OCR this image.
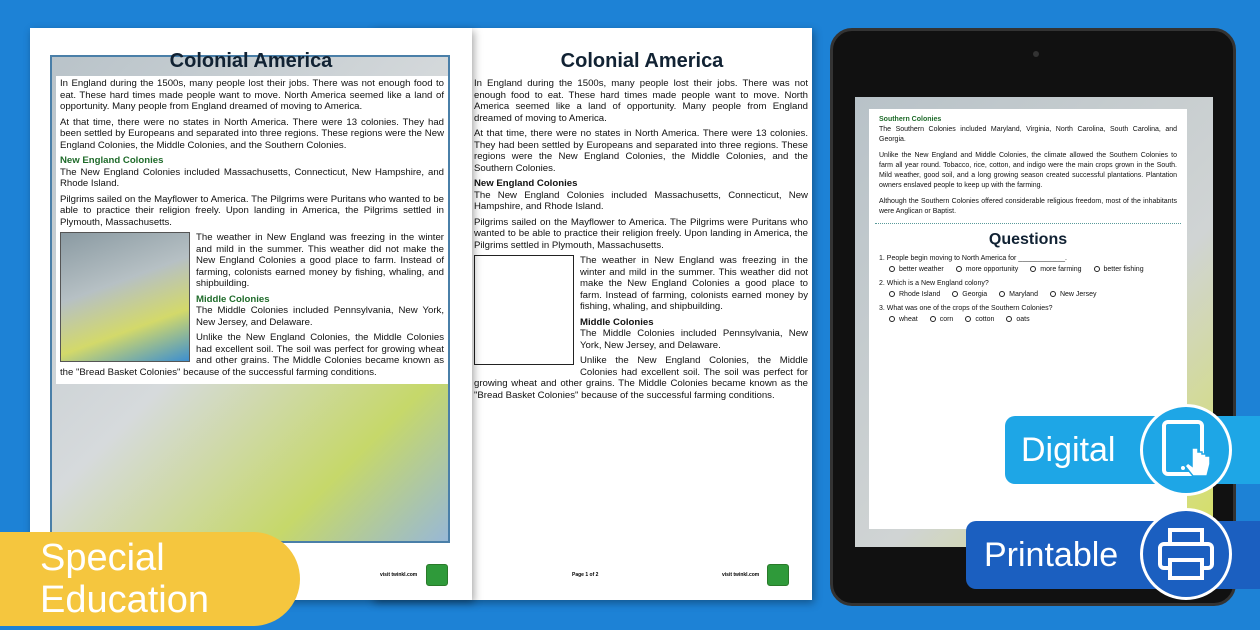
Colonial America

In England during the 1500s, many people lost their jobs. There was not enough food to eat. These hard times made people want to move. North America seemed like a land of opportunity. Many people from England dreamed of moving to America.

At that time, there were no states in North America. There were 13 colonies. They had been settled by Europeans and separated into three regions. These regions were the New England Colonies, the Middle Colonies, and the Southern Colonies.

New England Colonies

The New England Colonies included Massachusetts, Connecticut, New Hampshire, and Rhode Island.

Pilgrims sailed on the Mayflower to America. The Pilgrims were Puritans who wanted to be able to practice their religion freely. Upon landing in America, the Pilgrims settled in Plymouth, Massachusetts.

The weather in New England was freezing in the winter and mild in the summer. This weather did not make the New England Colonies a good place to farm. Instead of farming, colonists earned money by fishing, whaling, and shipbuilding.

Middle Colonies

The Middle Colonies included Pennsylvania, New York, New Jersey, and Delaware.

Unlike the New England Colonies, the Middle Colonies had excellent soil. The soil was perfect for growing wheat and other grains. The Middle Colonies became known as the "Bread Basket Colonies" because of the successful farming conditions.

Page 1 of 2	visit twinkl.com
Colonial America

In England during the 1500s, many people lost their jobs. There was not enough food to eat. These hard times made people want to move. North America seemed like a land of opportunity. Many people from England dreamed of moving to America.

At that time, there were no states in North America. There were 13 colonies. They had been settled by Europeans and separated into three regions. These regions were the New England Colonies, the Middle Colonies, and the Southern Colonies.

New England Colonies

The New England Colonies included Massachusetts, Connecticut, New Hampshire, and Rhode Island.

Pilgrims sailed on the Mayflower to America. The Pilgrims were Puritans who wanted to be able to practice their religion freely. Upon landing in America, the Pilgrims settled in Plymouth, Massachusetts.

The weather in New England was freezing in the winter and mild in the summer. This weather did not make the New England Colonies a good place to farm. Instead of farming, colonists earned money by fishing, whaling, and shipbuilding.

Middle Colonies

The Middle Colonies included Pennsylvania, New York, New Jersey, and Delaware.

Unlike the New England Colonies, the Middle Colonies had excellent soil. The soil was perfect for growing wheat and other grains. The Middle Colonies became known as the "Bread Basket Colonies" because of the successful farming conditions.

visit twinkl.com
Southern Colonies

The Southern Colonies included Maryland, Virginia, North Carolina, South Carolina, and Georgia.

Unlike the New England and Middle Colonies, the climate allowed the Southern Colonies to farm all year round. Tobacco, rice, cotton, and indigo were the main crops grown in the South. Mild weather, good soil, and a long growing season created successful plantations. Plantation owners enslaved people to keep up with the farming.

Although the Southern Colonies offered considerable religious freedom, most of the inhabitants were Anglican or Baptist.

Questions
1. People begin moving to North America for ____________.
better weather	more opportunity	more farming	better fishing
2. Which is a New England colony?
Rhode Island	Georgia	Maryland	New Jersey
3. What was one of the crops of the Southern Colonies?
wheat	corn	cotton	oats
Digital
Printable
Special
Education
